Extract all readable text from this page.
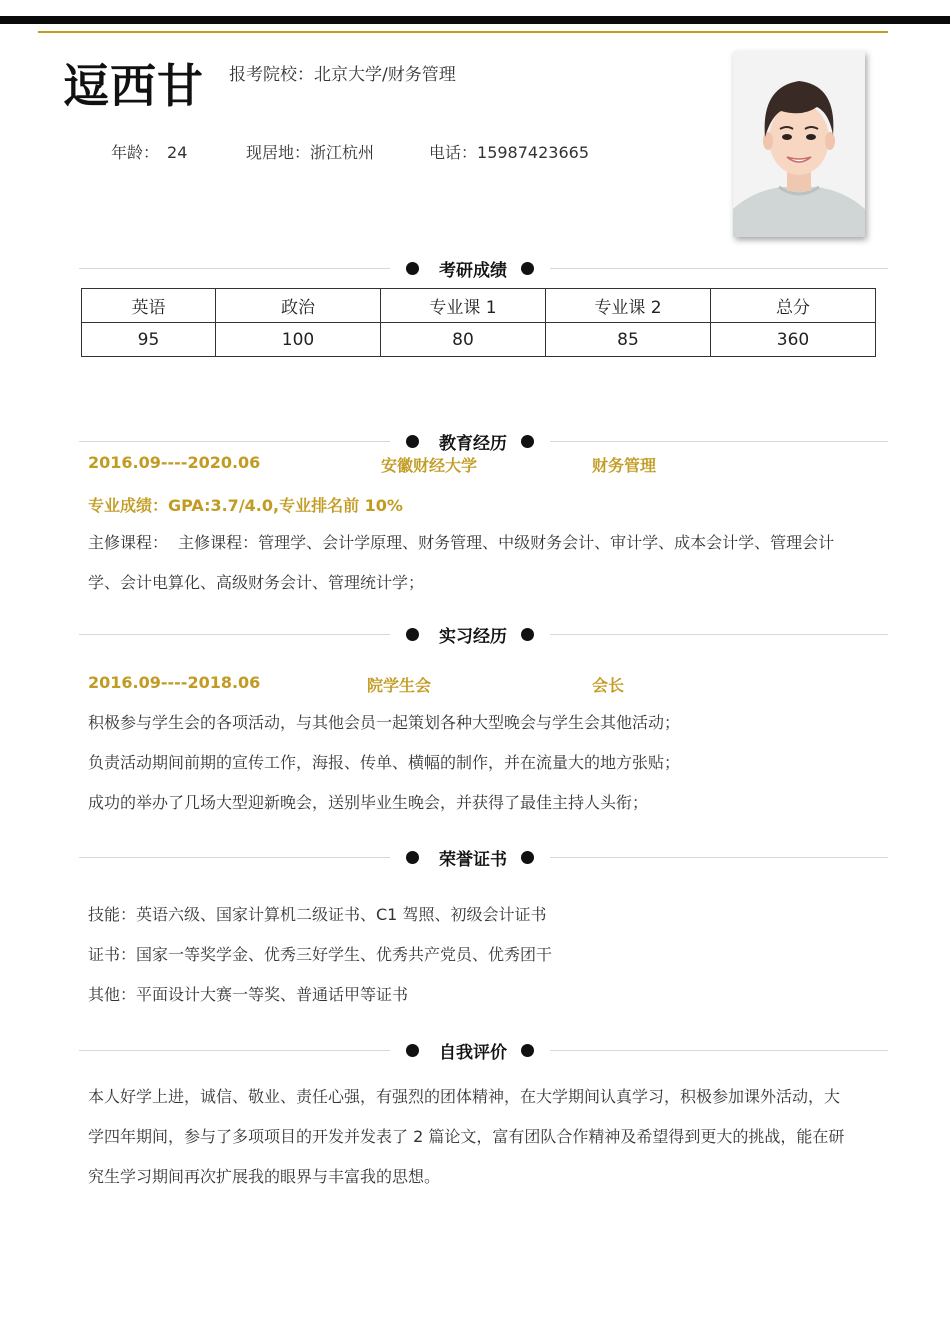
逗西甘 报考院校：北京大学/财务管理
年龄： 24	现居地：浙江杭州	电话：15987423665
考研成绩
英语	政治	专业课 1	专业课 2	总分
95	100	80	85	360
教育经历
2016.09----2020.06	安徽财经大学	财务管理
专业成绩：GPA:3.7/4.0,专业排名前 10%
主修课程：  主修课程：管理学、会计学原理、财务管理、中级财务会计、审计学、成本会计学、管理会计
学、会计电算化、高级财务会计、管理统计学；
实习经历
2016.09----2018.06	院学生会	会长
积极参与学生会的各项活动，与其他会员一起策划各种大型晚会与学生会其他活动；
负责活动期间前期的宣传工作，海报、传单、横幅的制作，并在流量大的地方张贴；
成功的举办了几场大型迎新晚会，送别毕业生晚会，并获得了最佳主持人头衔；
荣誉证书
技能：英语六级、国家计算机二级证书、C1 驾照、初级会计证书
证书：国家一等奖学金、优秀三好学生、优秀共产党员、优秀团干
其他：平面设计大赛一等奖、普通话甲等证书
自我评价
本人好学上进，诚信、敬业、责任心强，有强烈的团体精神，在大学期间认真学习，积极参加课外活动，大
学四年期间，参与了多项项目的开发并发表了 2 篇论文，富有团队合作精神及希望得到更大的挑战，能在研
究生学习期间再次扩展我的眼界与丰富我的思想。
